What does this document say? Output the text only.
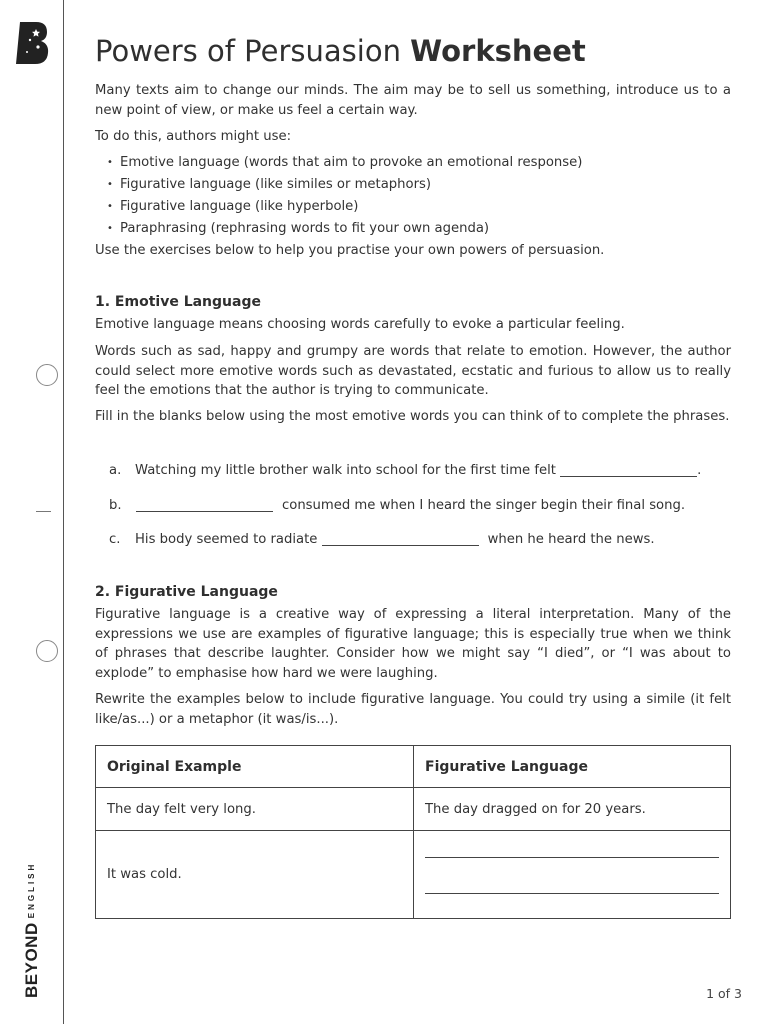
BEYONDENGLISH
Powers of Persuasion Worksheet

Many texts aim to change our minds. The aim may be to sell us something, introduce us to a new point of view, or make us feel a certain way.

To do this, authors might use:

• Emotive language (words that aim to provoke an emotional response)
• Figurative language (like similes or metaphors)
• Figurative language (like hyperbole)
• Paraphrasing (rephrasing words to fit your own agenda)

Use the exercises below to help you practise your own powers of persuasion.

1. Emotive Language

Emotive language means choosing words carefully to evoke a particular feeling.

Words such as sad, happy and grumpy are words that relate to emotion. However, the author could select more emotive words such as devastated, ecstatic and furious to allow us to really feel the emotions that the author is trying to communicate.

Fill in the blanks below using the most emotive words you can think of to complete the phrases.

a. Watching my little brother walk into school for the first time felt	.
b.	consumed me when I heard the singer begin their final song.
c. His body seemed to radiate	when he heard the news.
2. Figurative Language

Figurative language is a creative way of expressing a literal interpretation. Many of the expressions we use are examples of figurative language; this is especially true when we think of phrases that describe laughter. Consider how we might say “I died”, or “I was about to explode” to emphasise how hard we were laughing.

Rewrite the examples below to include figurative language. You could try using a simile (it felt like/as...) or a metaphor (it was/is...).

Original Example	Figurative Language
The day felt very long.	The day dragged on for 20 years.
It was cold.	
1 of 3
